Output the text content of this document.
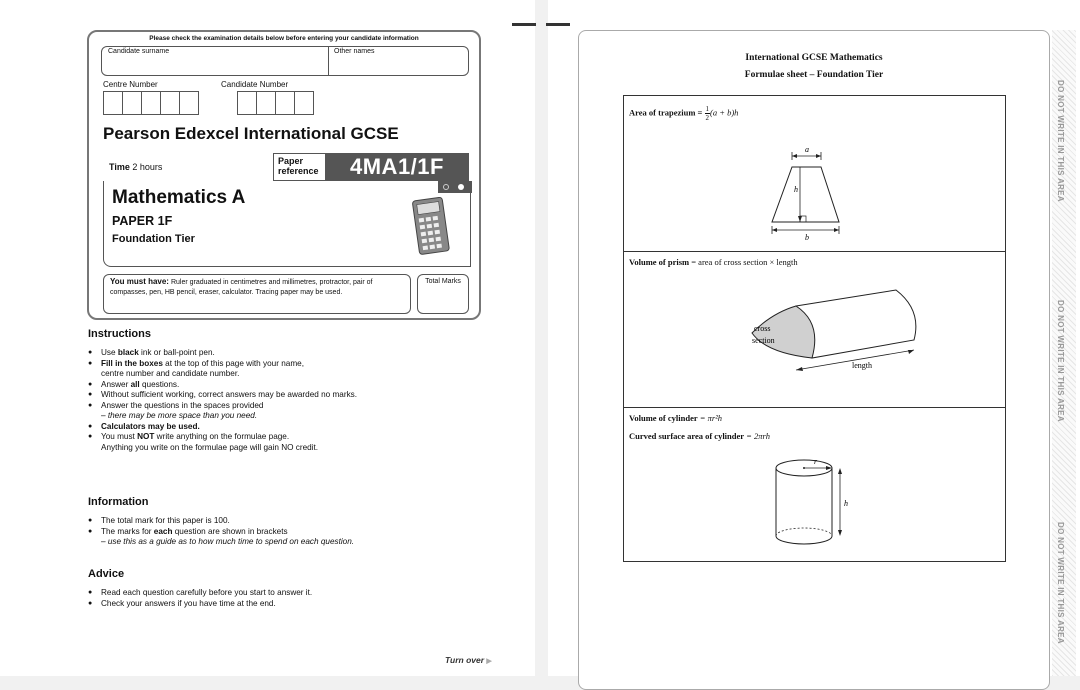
Please check the examination details below before entering your candidate information
Candidate surname	Other names
Centre Number	Candidate Number
Pearson Edexcel International GCSE
Time 2 hours
Paper reference	4MA1/1F
Mathematics A
PAPER 1F
Foundation Tier
You must have: Ruler graduated in centimetres and millimetres, protractor, pair of compasses, pen, HB pencil, eraser, calculator. Tracing paper may be used.
Total Marks
Instructions
● Use black ink or ball-point pen.
● Fill in the boxes at the top of this page with your name,
centre number and candidate number.
● Answer all questions.
● Without sufficient working, correct answers may be awarded no marks.
● Answer the questions in the spaces provided
– there may be more space than you need.
● Calculators may be used.
● You must NOT write anything on the formulae page.
Anything you write on the formulae page will gain NO credit.
Information
● The total mark for this paper is 100.
● The marks for each question are shown in brackets
– use this as a guide as to how much time to spend on each question.
Advice
● Read each question carefully before you start to answer it.
● Check your answers if you have time at the end.
Turn over ▶
DO NOT WRITE IN THIS AREA
DO NOT WRITE IN THIS AREA
DO NOT WRITE IN THIS AREA
International GCSE Mathematics
Formulae sheet – Foundation Tier
Area of trapezium = $\frac{1}{2} (a + b)h$
a
h
b
Volume of prism = area of cross section × length
cross
section
length
Volume of cylinder = πr²h
Curved surface area of cylinder = 2πrh
r
h
